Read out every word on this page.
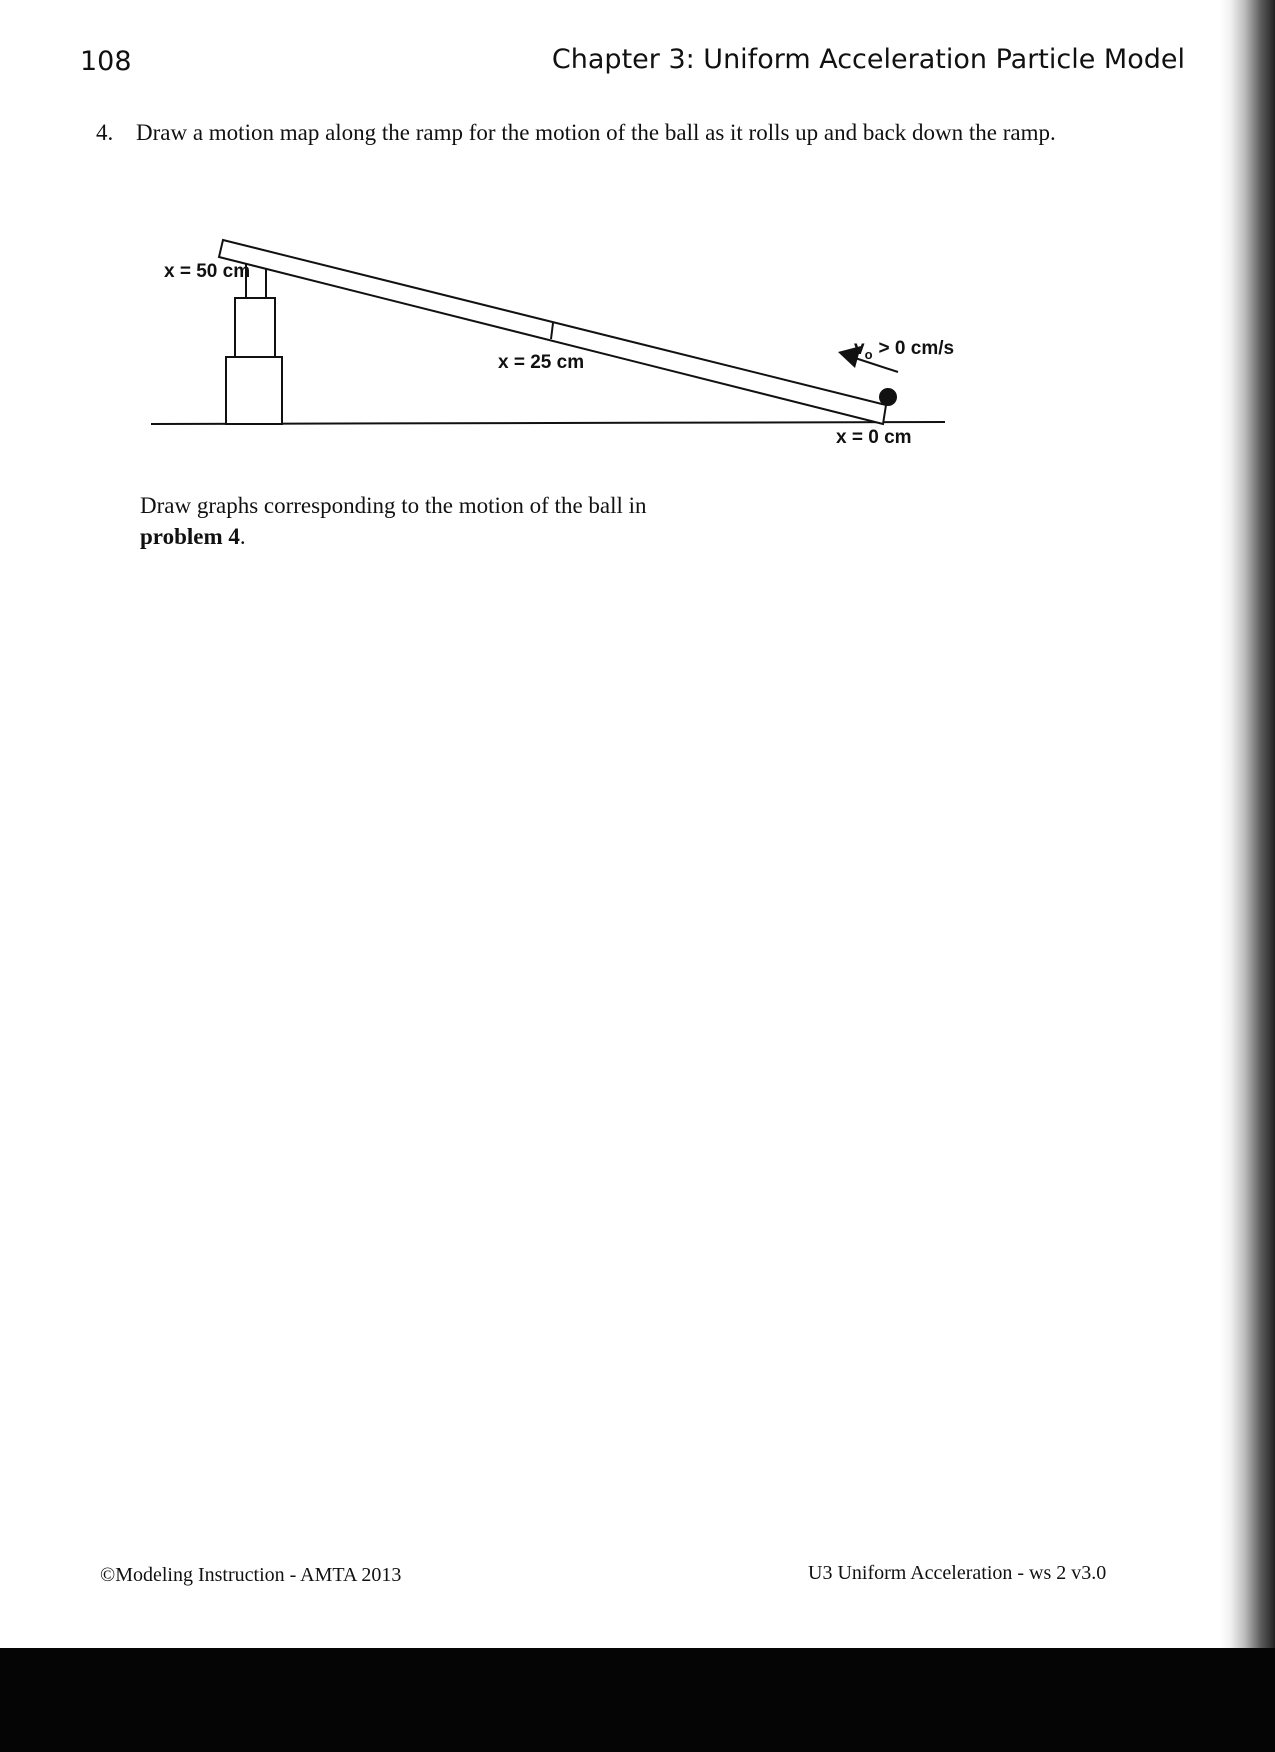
108	Chapter 3: Uniform Acceleration Particle Model
4. Draw a motion map along the ramp for the motion of the ball as it rolls up and back down the ramp.
x = 50 cm
x = 25 cm
x = 0 cm
$v_o > 0$ cm/s
Draw graphs corresponding to the motion of the ball in problem 4.
©Modeling Instruction - AMTA 2013	U3 Uniform Acceleration - ws 2 v3.0
